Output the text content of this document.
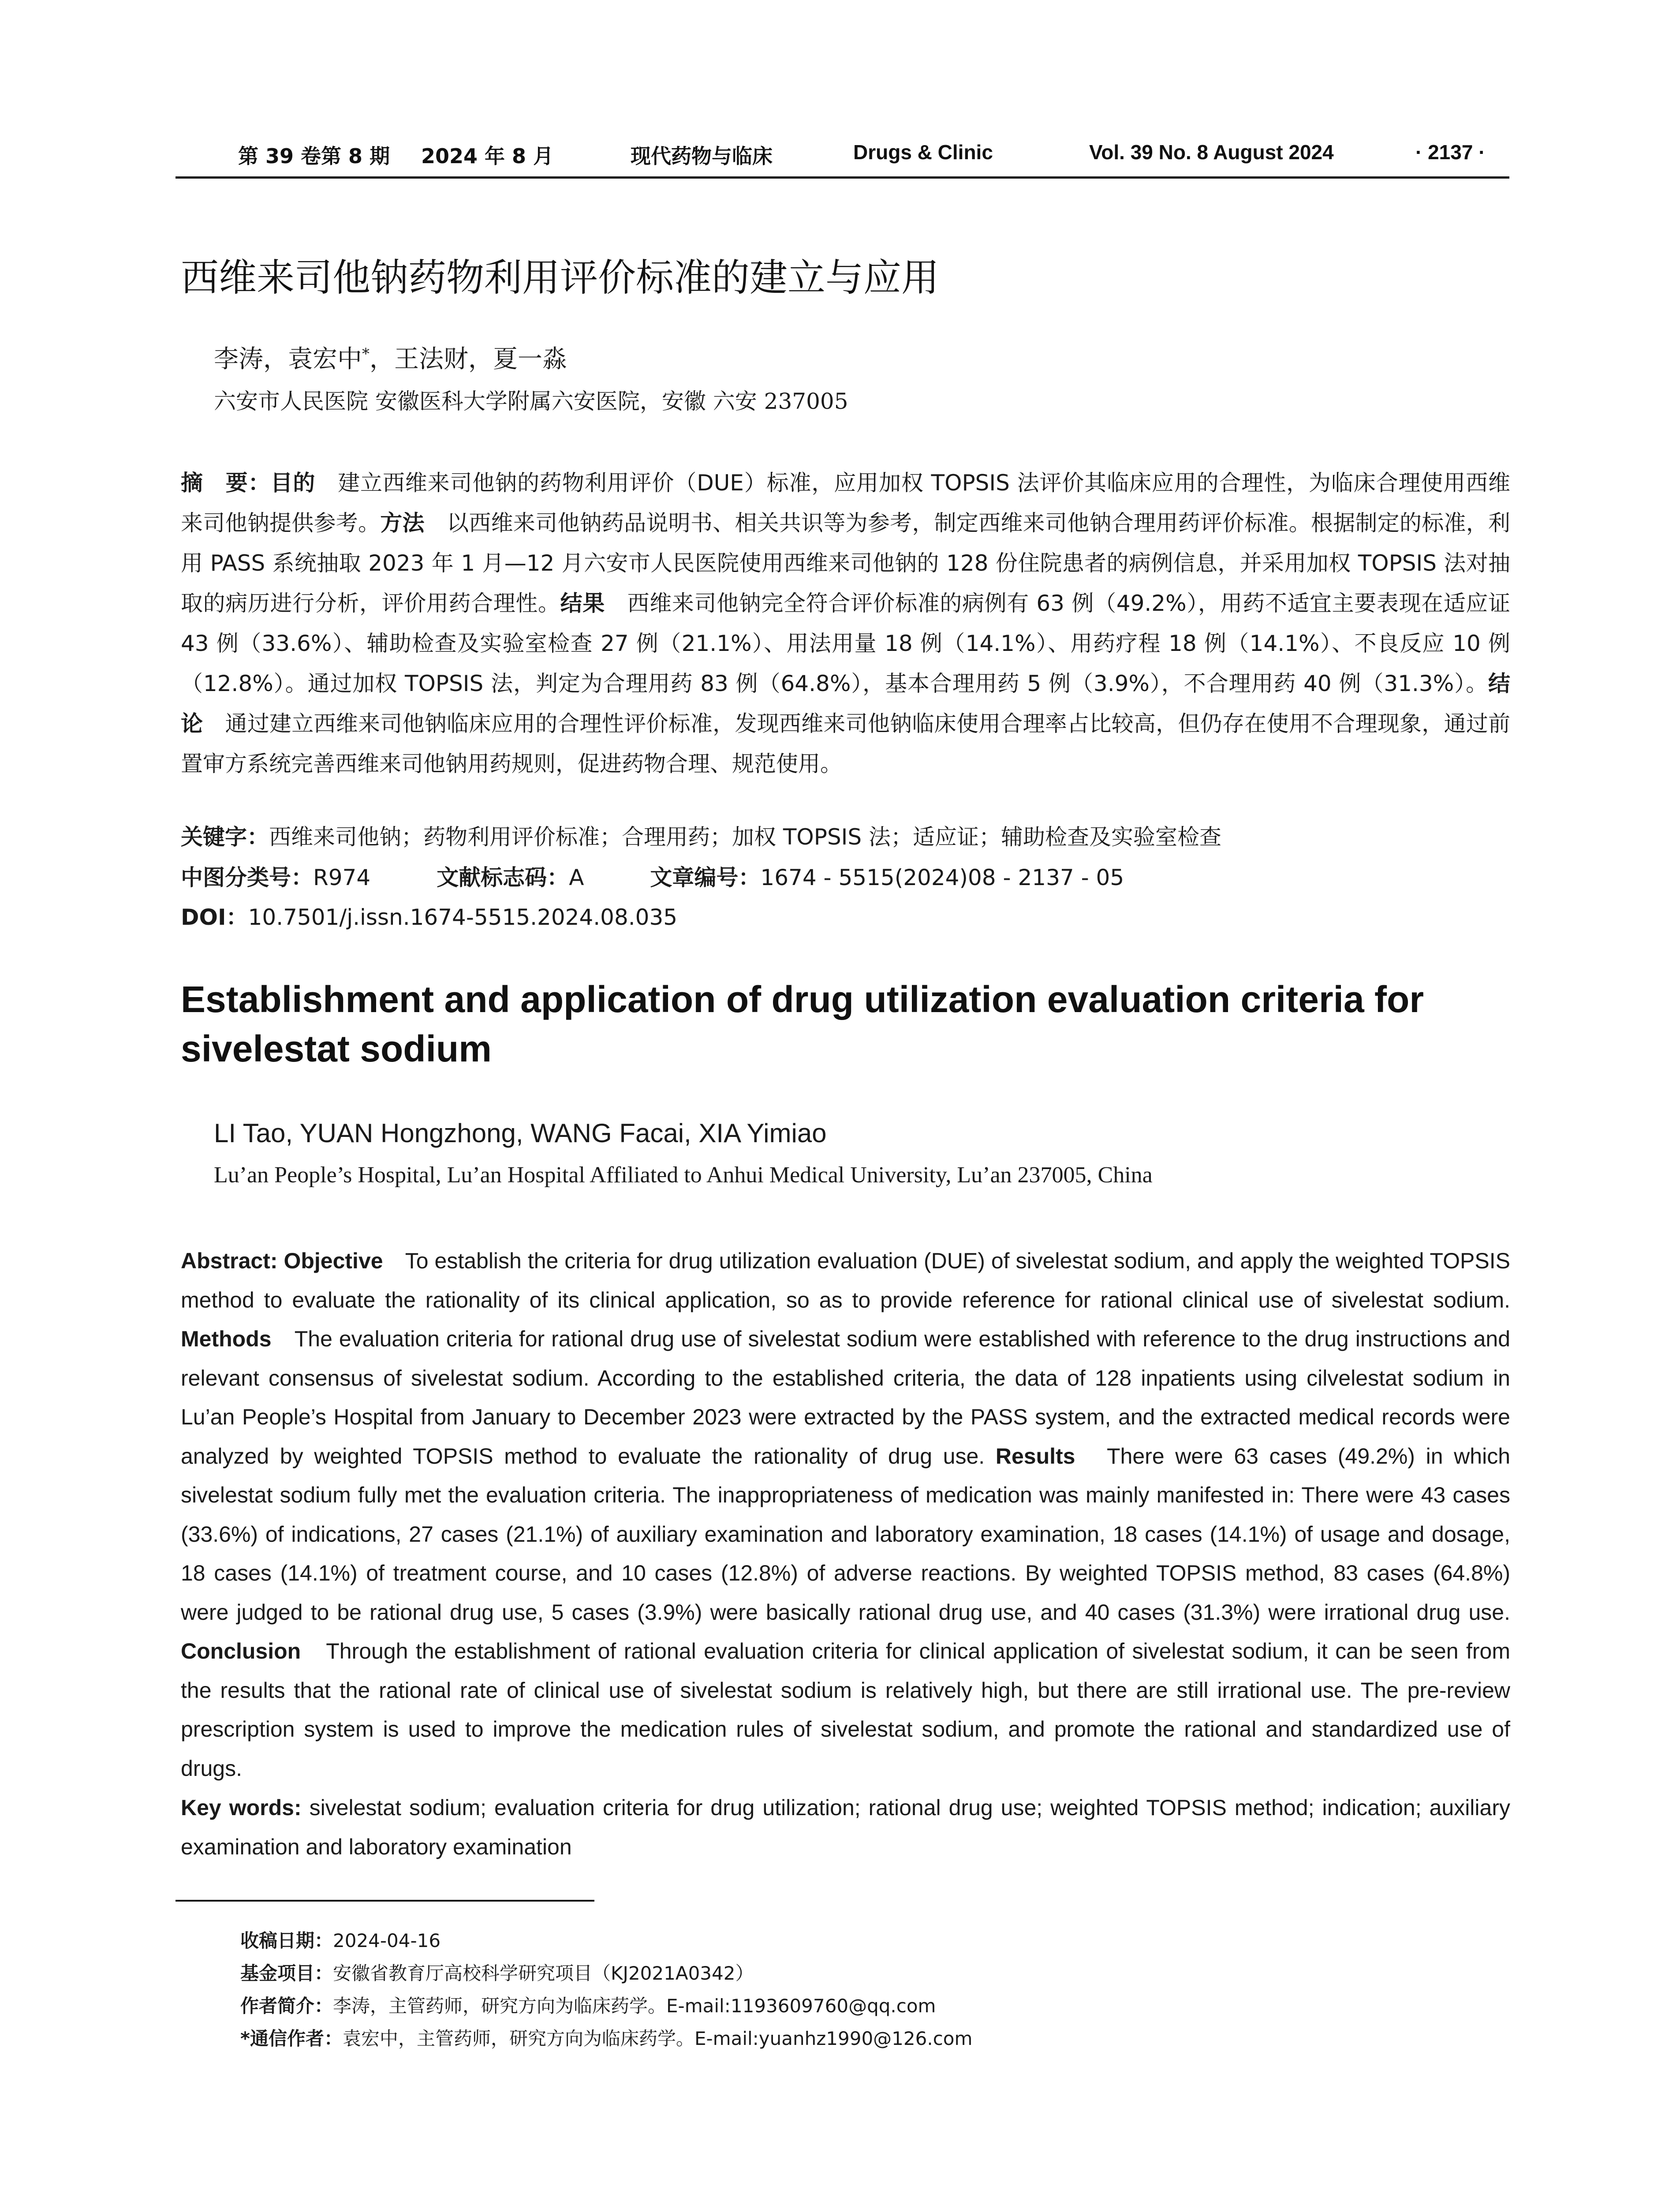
第 39 卷第 8 期 2024 年 8 月	现代药物与临床	Drugs & Clinic	Vol. 39 No. 8 August 2024	· 2137 ·
西维来司他钠药物利用评价标准的建立与应用
李涛，袁宏中*，王法财，夏一淼
六安市人民医院 安徽医科大学附属六安医院，安徽 六安 237005
摘　要：目的　建立西维来司他钠的药物利用评价（DUE）标准，应用加权 TOPSIS 法评价其临床应用的合理性，为临床合理使用西维来司他钠提供参考。方法　以西维来司他钠药品说明书、相关共识等为参考，制定西维来司他钠合理用药评价标准。根据制定的标准，利用 PASS 系统抽取 2023 年 1 月—12 月六安市人民医院使用西维来司他钠的 128 份住院患者的病例信息，并采用加权 TOPSIS 法对抽取的病历进行分析，评价用药合理性。结果　西维来司他钠完全符合评价标准的病例有 63 例（49.2%），用药不适宜主要表现在适应证 43 例（33.6%）、辅助检查及实验室检查 27 例（21.1%）、用法用量 18 例（14.1%）、用药疗程 18 例（14.1%）、不良反应 10 例（12.8%）。通过加权 TOPSIS 法，判定为合理用药 83 例（64.8%），基本合理用药 5 例（3.9%），不合理用药 40 例（31.3%）。结论　通过建立西维来司他钠临床应用的合理性评价标准，发现西维来司他钠临床使用合理率占比较高，但仍存在使用不合理现象，通过前置审方系统完善西维来司他钠用药规则，促进药物合理、规范使用。
关键字：西维来司他钠；药物利用评价标准；合理用药；加权 TOPSIS 法；适应证；辅助检查及实验室检查
中图分类号：R974	文献标志码：A	文章编号：1674 - 5515(2024)08 - 2137 - 05
DOI：10.7501/j.issn.1674-5515.2024.08.035
Establishment and application of drug utilization evaluation criteria for sivelestat sodium
LI Tao, YUAN Hongzhong, WANG Facai, XIA Yimiao
Lu’an People’s Hospital, Lu’an Hospital Affiliated to Anhui Medical University, Lu’an 237005, China
Abstract: Objective　To establish the criteria for drug utilization evaluation (DUE) of sivelestat sodium, and apply the weighted TOPSIS method to evaluate the rationality of its clinical application, so as to provide reference for rational clinical use of sivelestat sodium. Methods　The evaluation criteria for rational drug use of sivelestat sodium were established with reference to the drug instructions and relevant consensus of sivelestat sodium. According to the established criteria, the data of 128 inpatients using cilvelestat sodium in Lu’an People’s Hospital from January to December 2023 were extracted by the PASS system, and the extracted medical records were analyzed by weighted TOPSIS method to evaluate the rationality of drug use. Results　There were 63 cases (49.2%) in which sivelestat sodium fully met the evaluation criteria. The inappropriateness of medication was mainly manifested in: There were 43 cases (33.6%) of indications, 27 cases (21.1%) of auxiliary examination and laboratory examination, 18 cases (14.1%) of usage and dosage, 18 cases (14.1%) of treatment course, and 10 cases (12.8%) of adverse reactions. By weighted TOPSIS method, 83 cases (64.8%) were judged to be rational drug use, 5 cases (3.9%) were basically rational drug use, and 40 cases (31.3%) were irrational drug use. Conclusion　Through the establishment of rational evaluation criteria for clinical application of sivelestat sodium, it can be seen from the results that the rational rate of clinical use of sivelestat sodium is relatively high, but there are still irrational use. The pre-review prescription system is used to improve the medication rules of sivelestat sodium, and promote the rational and standardized use of drugs.
Key words: sivelestat sodium; evaluation criteria for drug utilization; rational drug use; weighted TOPSIS method; indication; auxiliary examination and laboratory examination
收稿日期：2024-04-16
基金项目：安徽省教育厅高校科学研究项目（KJ2021A0342）
作者简介：李涛，主管药师，研究方向为临床药学。E-mail:1193609760@qq.com
*通信作者：袁宏中，主管药师，研究方向为临床药学。E-mail:yuanhz1990@126.com
